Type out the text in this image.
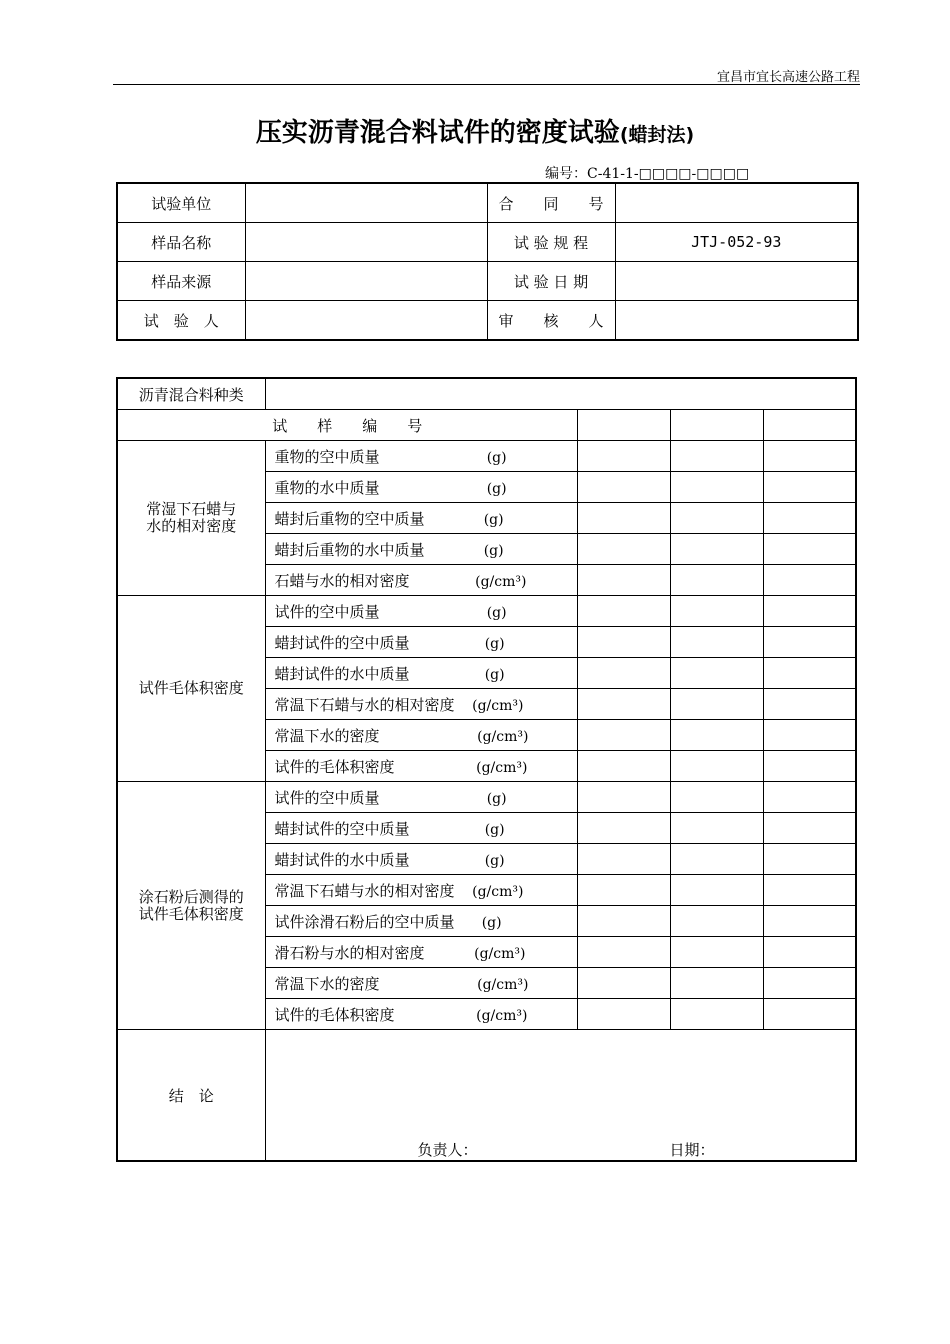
宜昌市宜长高速公路工程
压实沥青混合料试件的密度试验(蜡封法)
编号：C-41-1-□□□□-□□□□
试验单位		合　　同　　号	
样品名称		试 验 规 程	JTJ-052-93
样品来源		试 验 日 期	
试　验　人		审　　核　　人	
沥青混合料种类				
试　　样　　编　　号				

常湿下石蜡与
水的相对密度	重物的空中质量 (g)			
	重物的水中质量 (g)			
	蜡封后重物的空中质量 (g)			
	蜡封后重物的水中质量 (g)			
	石蜡与水的相对密度 (g/cm³)			

试件毛体积密度	试件的空中质量 (g)			
	蜡封试件的空中质量 (g)			
	蜡封试件的水中质量 (g)			
	常温下石蜡与水的相对密度 (g/cm³)			
	常温下水的密度 (g/cm³)			
	试件的毛体积密度 (g/cm³)			

涂石粉后测得的
试件毛体积密度	试件的空中质量 (g)			
	蜡封试件的空中质量 (g)			
	蜡封试件的水中质量 (g)			
	常温下石蜡与水的相对密度 (g/cm³)			
	试件涂滑石粉后的空中质量 (g)			
	滑石粉与水的相对密度 (g/cm³)			
	常温下水的密度 (g/cm³)			
	试件的毛体积密度 (g/cm³)			
结　论	负责人： 日期：			
